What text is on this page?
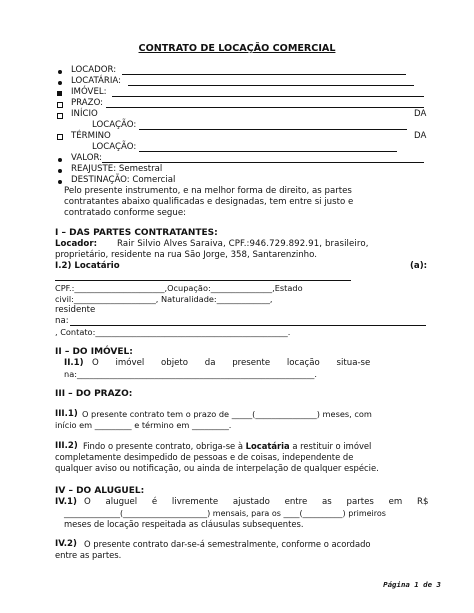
CONTRATO DE LOCAÇÃO COMERCIAL
LOCADOR:
LOCATÁRIA:
IMÓVEL:
PRAZO:
INÍCIO	DA
LOCAÇÃO:
TÉRMINO	DA
LOCAÇÃO:
VALOR:
REAJUSTE: Semestral
DESTINAÇÃO: Comercial
Pelo presente instrumento, e na melhor forma de direito, as partes
contratantes abaixo qualificadas e designadas, tem entre si justo e
contratado conforme segue:
I – DAS PARTES CONTRATANTES:
Locador: Rair Silvio Alves Saraiva, CPF.:946.729.892.91, brasileiro,
proprietário, residente na rua São Jorge, 358, Santarenzinho.
I.2) Locatário	(a):
CPF.:______________________,Ocupação:_______________,Estado
civil:____________________, Naturalidade:_____________,
residente
na:
, Contato:_______________________________________________.
II – DO IMÓVEL:
II.1) O imóvel objeto da presente locação situa-se
na:__________________________________________________________.
III – DO PRAZO:
III.1) O presente contrato tem o prazo de _____(_______________) meses, com
início em _________ e término em _________.
III.2) Findo o presente contrato, obriga-se à Locatária a restituir o imóvel
completamente desimpedido de pessoas e de coisas, independente de
qualquer aviso ou notificação, ou ainda de interpelação de qualquer espécie.
IV – DO ALUGUEL:
IV.1) O aluguel é livremente ajustado entre as partes em R$
______________(_____________________) mensais, para os ____(__________) primeiros
meses de locação respeitada as cláusulas subsequentes.
IV.2) O presente contrato dar-se-á semestralmente, conforme o acordado
entre as partes.
Página 1 de 3
